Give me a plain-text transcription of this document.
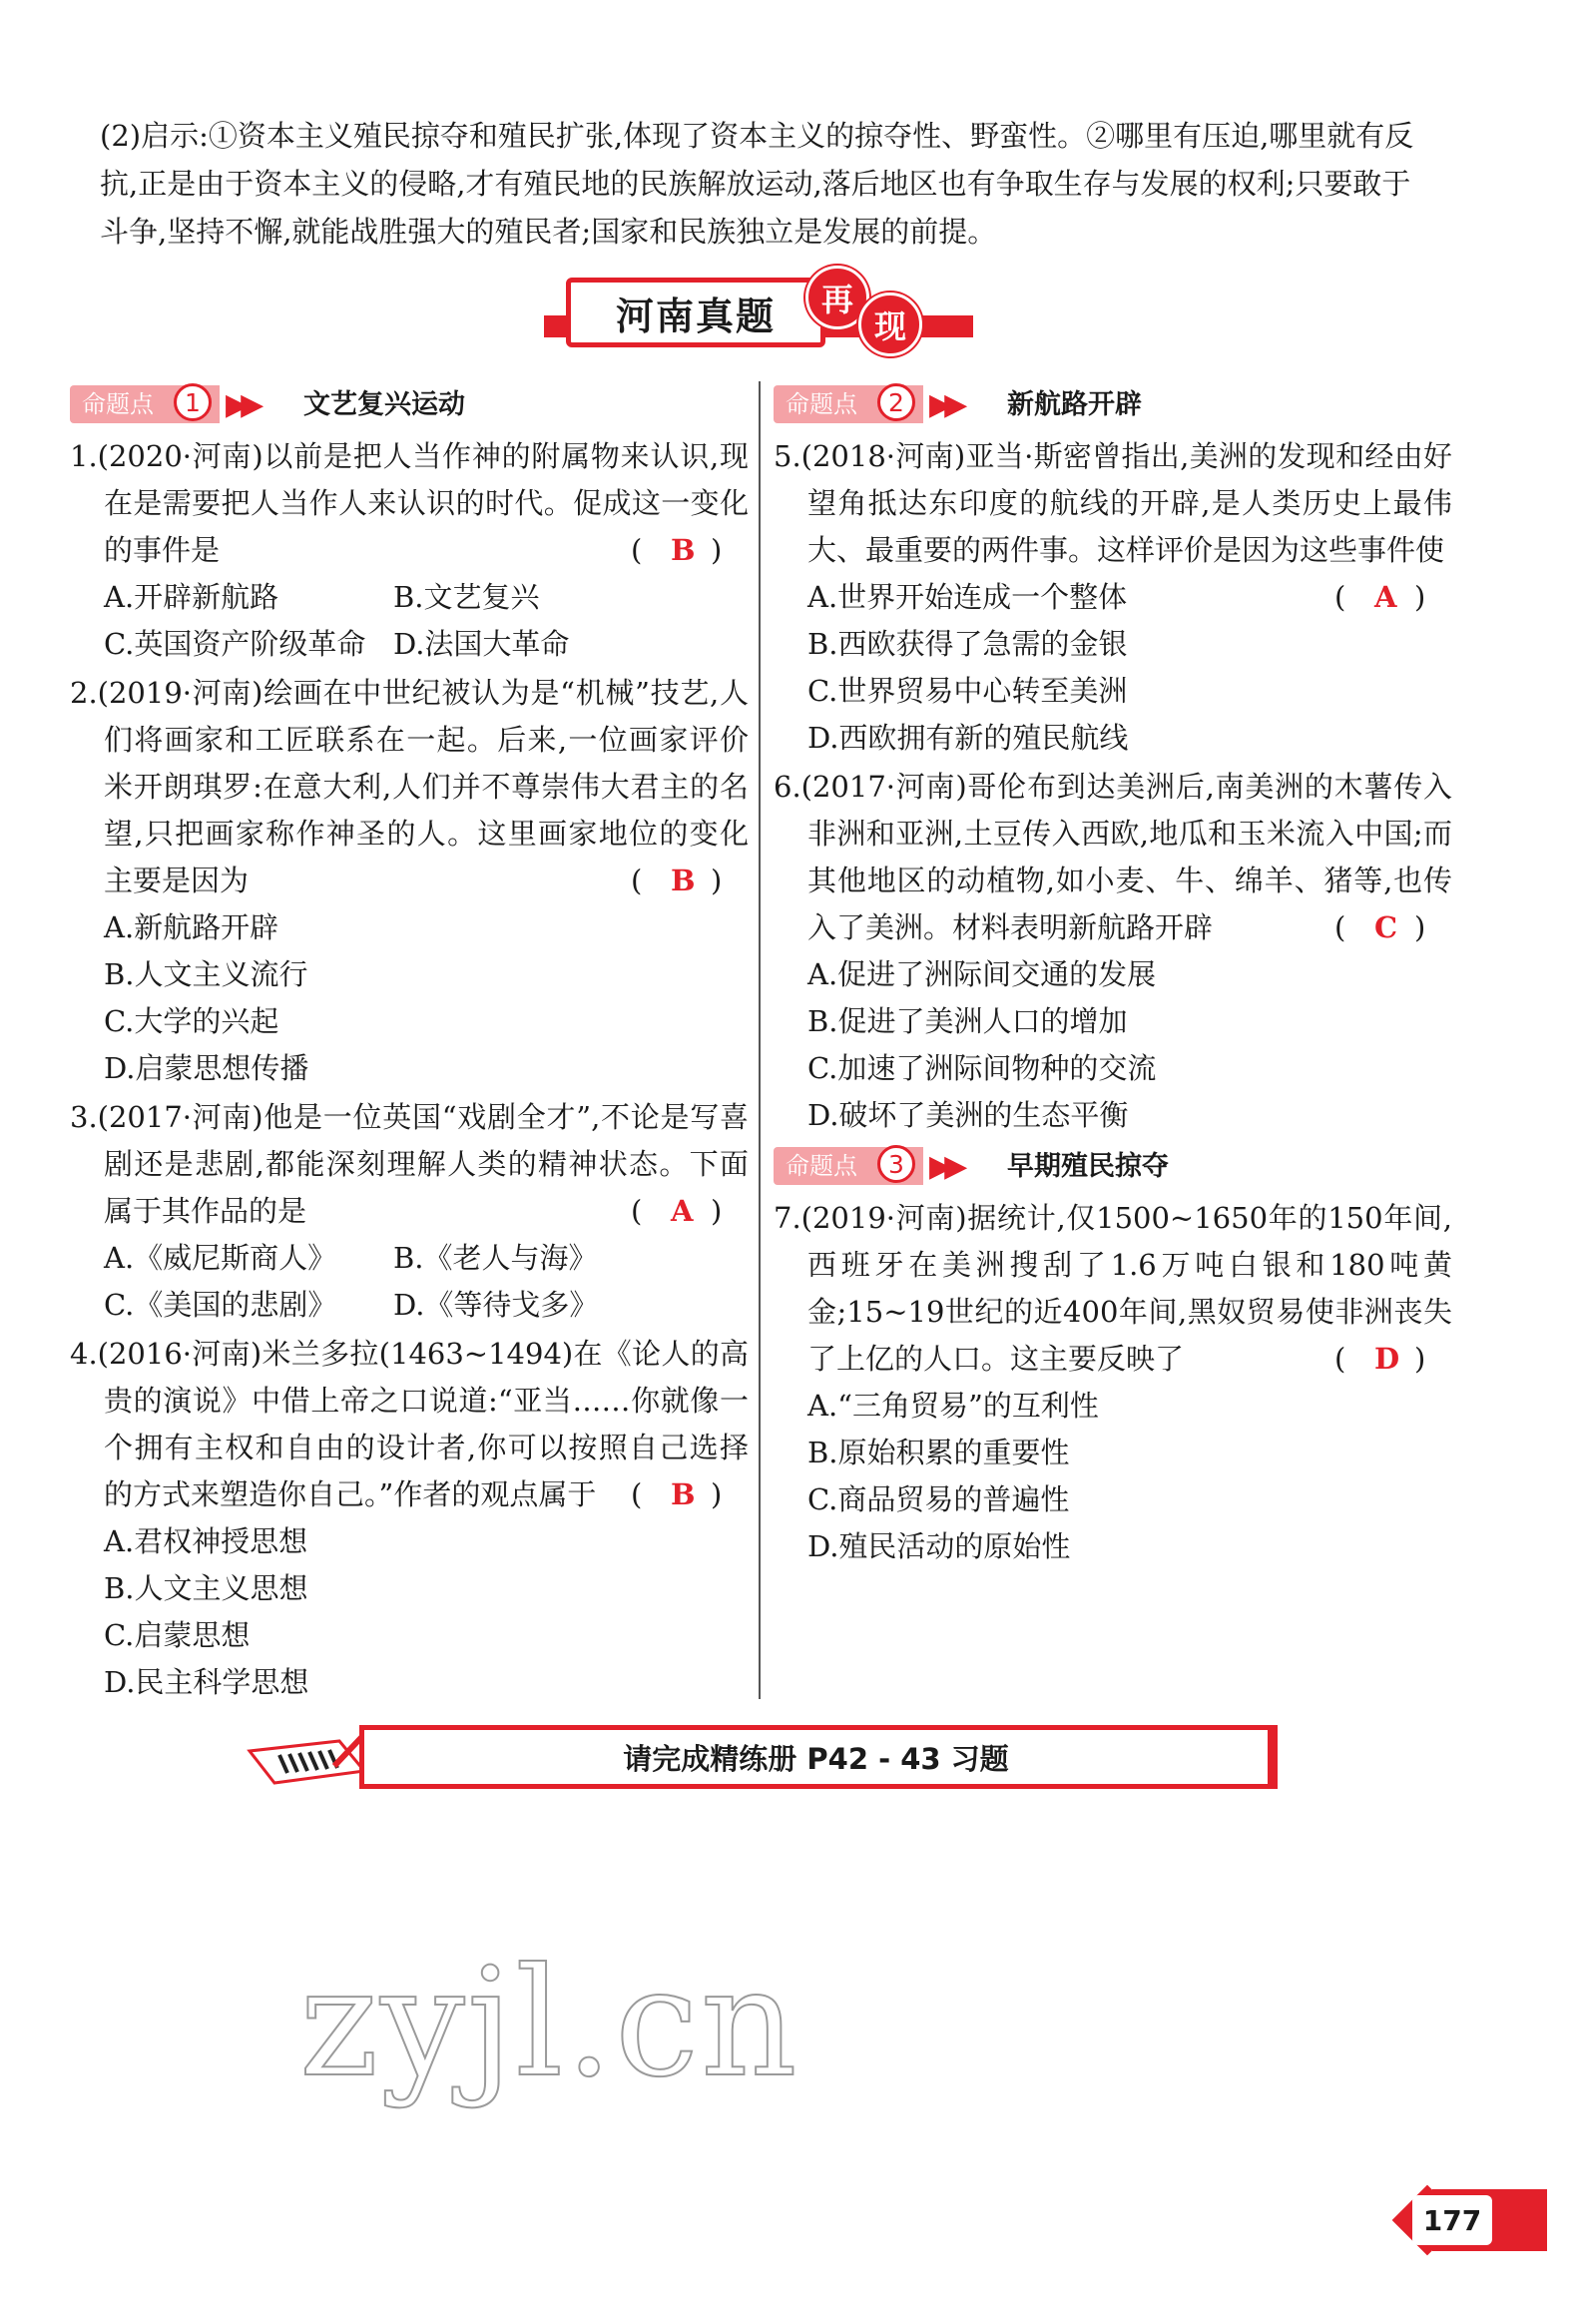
(2)启示:①资本主义殖民掠夺和殖民扩张,体现了资本主义的掠夺性、野蛮性。②哪里有压迫,哪里就有反

抗,正是由于资本主义的侵略,才有殖民地的民族解放运动,落后地区也有争取生存与发展的权利;只要敢于

斗争,坚持不懈,就能战胜强大的殖民者;国家和民族独立是发展的前提。

河南真题	再
现
命题点	1 ▶▶	文艺复兴运动
1.(2020·河南)以前是把人当作神的附属物来认识,现在是需要把人当作人来认识的时代。促成这一变化的事件是	( B )
A.开辟新航路	B.文艺复兴
C.英国资产阶级革命 D.法国大革命
2.(2019·河南)绘画在中世纪被认为是“机械”技艺,人们将画家和工匠联系在一起。后来,一位画家评价米开朗琪罗:在意大利,人们并不尊崇伟大君主的名望,只把画家称作神圣的人。这里画家地位的变化主要是因为	( B )
A.新航路开辟
B.人文主义流行
C.大学的兴起
D.启蒙思想传播
3.(2017·河南)他是一位英国“戏剧全才”,不论是写喜剧还是悲剧,都能深刻理解人类的精神状态。下面属于其作品的是	( A )
A.《威尼斯商人》	B.《老人与海》
C.《美国的悲剧》	D.《等待戈多》
4.(2016·河南)米兰多拉(1463~1494)在《论人的高贵的演说》中借上帝之口说道:“亚当……你就像一个拥有主权和自由的设计者,你可以按照自己选择的方式来塑造你自己。”作者的观点属于 ( B )
A.君权神授思想
B.人文主义思想
C.启蒙思想
D.民主科学思想
命题点	2 ▶▶	新航路开辟
5.(2018·河南)亚当·斯密曾指出,美洲的发现和经由好望角抵达东印度的航线的开辟,是人类历史上最伟大、最重要的两件事。这样评价是因为这些事件使
( A )
A.世界开始连成一个整体
B.西欧获得了急需的金银
C.世界贸易中心转至美洲
D.西欧拥有新的殖民航线
6.(2017·河南)哥伦布到达美洲后,南美洲的木薯传入非洲和亚洲,土豆传入西欧,地瓜和玉米流入中国;而其他地区的动植物,如小麦、牛、绵羊、猪等,也传入了美洲。材料表明新航路开辟	( C )
A.促进了洲际间交通的发展
B.促进了美洲人口的增加
C.加速了洲际间物种的交流
D.破坏了美洲的生态平衡
命题点	3 ▶▶	早期殖民掠夺
7.(2019·河南)据统计,仅1500~1650年的150年间,西班牙在美洲搜刮了1.6万吨白银和180吨黄金;15~19世纪的近400年间,黑奴贸易使非洲丧失了上亿的人口。这主要反映了	( D )
A.“三角贸易”的互利性
B.原始积累的重要性
C.商品贸易的普遍性
D.殖民活动的原始性
请完成精练册 P42 - 43 习题
zyjl.cn
177
